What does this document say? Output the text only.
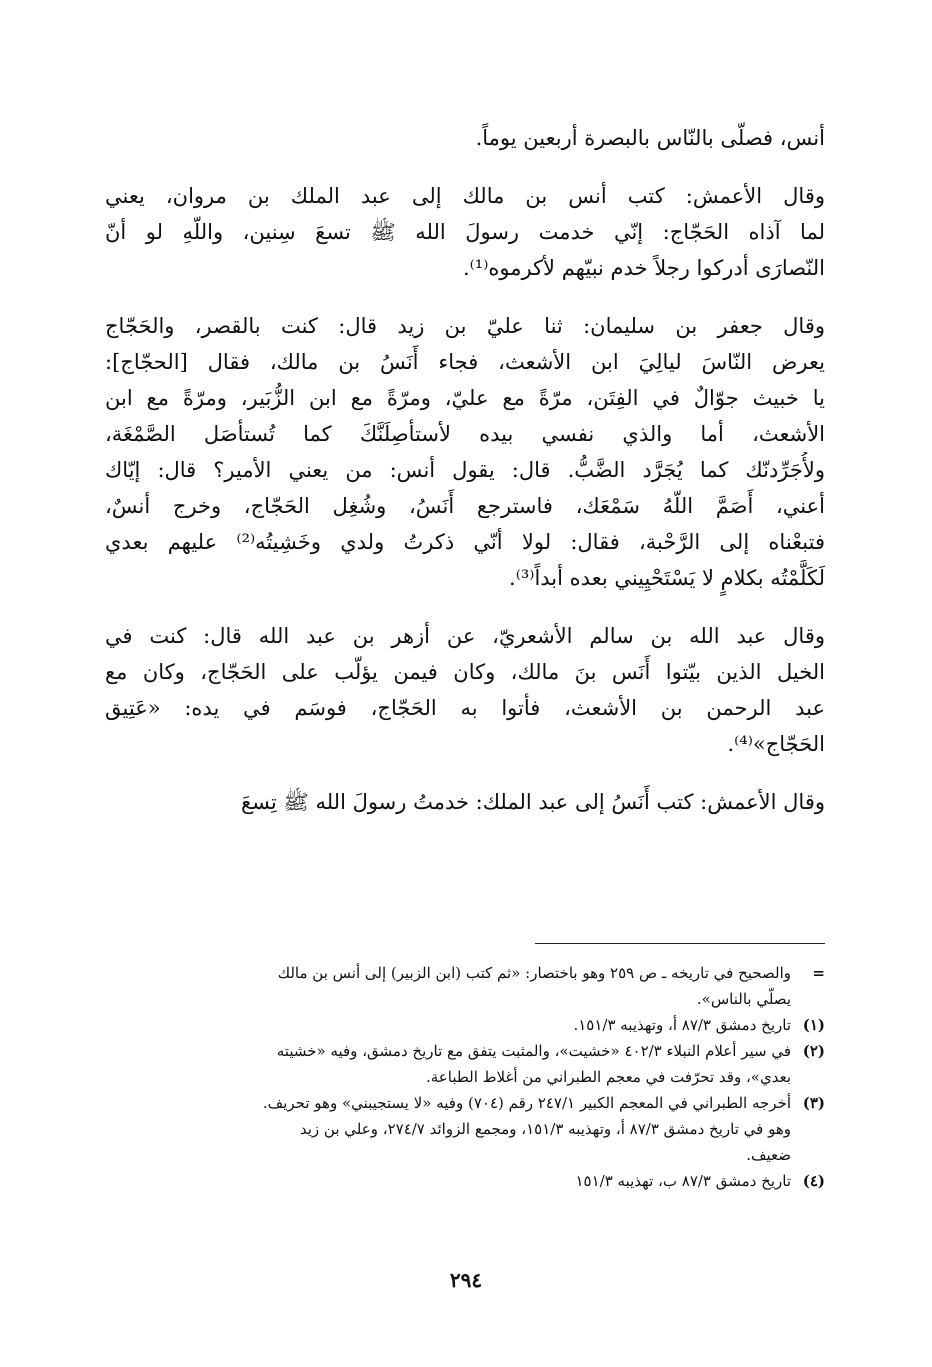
أنس، فصلّى بالنّاس بالبصرة أربعين يوماً.
وقال الأعمش: كتب أنس بن مالك إلى عبد الملك بن مروان، يعني
لما آذاه الحَجّاج: إنّي خدمت رسولَ الله ﷺ تسعَ سِنين، واللّهِ لو أنّ
النّصارَى أدركوا رجلاً خدم نبيّهم لأكرموه⁽¹⁾.
وقال جعفر بن سليمان: ثنا عليّ بن زيد قال: كنت بالقصر، والحَجّاج
يعرض النّاسَ ليالِيَ ابن الأشعث، فجاء أَنَسُ بن مالك، فقال [الحجّاج]:
يا خبيث جوّالٌ في الفِتَن، مرّةً مع عليّ، ومرّةً مع ابن الزُّبَير، ومرّةً مع ابن
الأشعث، أما والذي نفسي بيده لأستأصِلَنَّكَ كما تُستأصَل الصَّمْغَة،
ولأُجَرِّدنّك كما يُجَرَّد الضَّبُّ. قال: يقول أنس: من يعني الأمير؟ قال: إيّاك
أعني، أَصَمَّ اللّهُ سَمْعَك، فاسترجع أَنَسُ، وشُغِل الحَجّاج، وخرج أنسٌ،
فتبعْناه إلى الرَّحْبة، فقال: لولا أنّي ذكرتُ ولدي وخَشِيتُه⁽²⁾ عليهم بعدي
لَكَلَّمْتُه بكلامٍ لا يَسْتَحْيِيني بعده أبداً⁽³⁾.
وقال عبد الله بن سالم الأشعريّ، عن أزهر بن عبد الله قال: كنت في
الخيل الذين بيّتوا أَنَس بنَ مالك، وكان فيمن يؤلّب على الحَجّاج، وكان مع
عبد الرحمن بن الأشعث، فأتوا به الحَجّاج، فوسَم في يده: «عَتِيق
الحَجّاج»⁽⁴⁾.
وقال الأعمش: كتب أَنَسُ إلى عبد الملك: خدمتُ رسولَ الله ﷺ تِسعَ
=
والصحيح في تاريخه ـ ص ٢٥٩ وهو باختصار: «ثم كتب (ابن الزبير) إلى أنس بن مالك
يصلّي بالناس».
(١)
تاريخ دمشق ٨٧/٣ أ، وتهذيبه ١٥١/٣.
(٢)
في سير أعلام النبلاء ٤٠٢/٣ «خشيت»، والمثبت يتفق مع تاريخ دمشق، وفيه «خشيته
بعدي»، وقد تحرّفت في معجم الطبراني من أغلاط الطباعة.
(٣)
أخرجه الطبراني في المعجم الكبير ٢٤٧/١ رقم (٧٠٤) وفيه «لا يستجيبني» وهو تحريف.
وهو في تاريخ دمشق ٨٧/٣ أ، وتهذيبه ١٥١/٣، ومجمع الزوائد ٢٧٤/٧، وعلي بن زيد
ضعيف.
(٤)
تاريخ دمشق ٨٧/٣ ب، تهذيبه ١٥١/٣
٢٩٤
